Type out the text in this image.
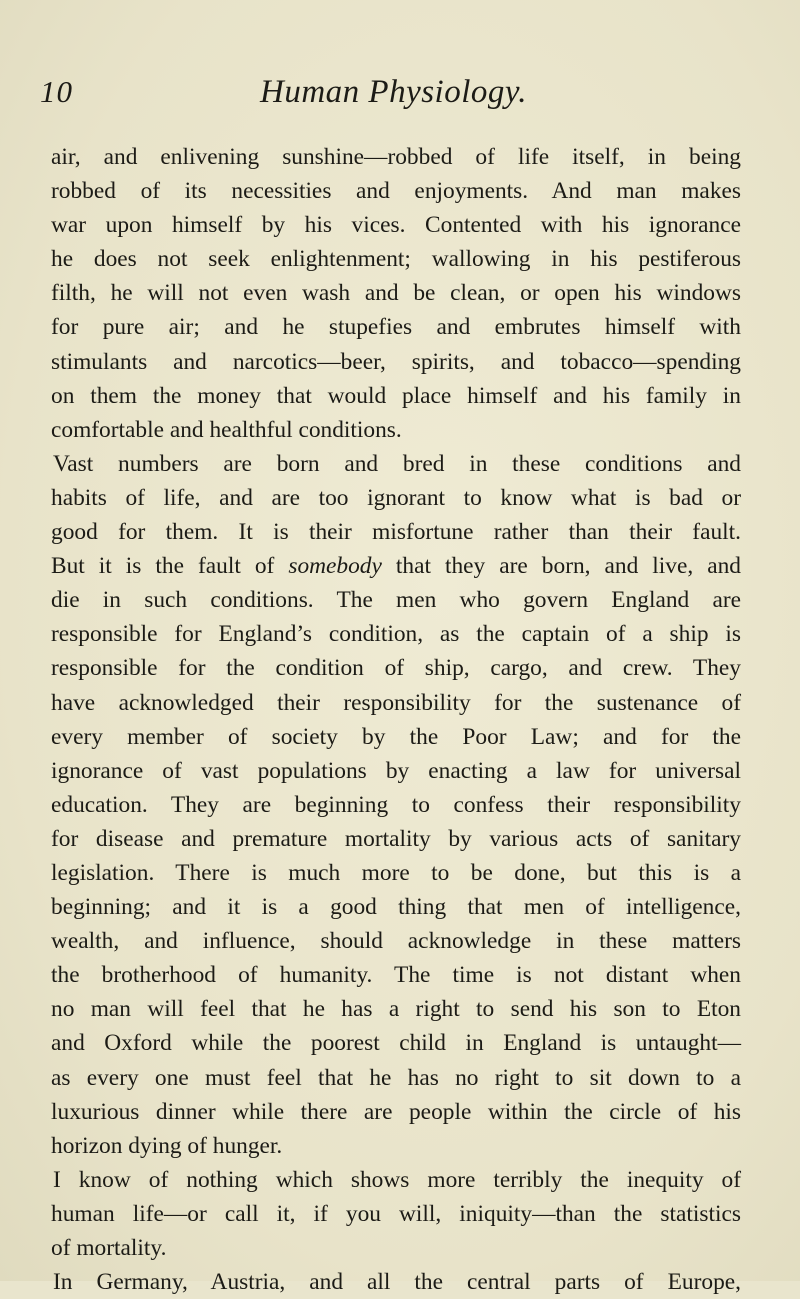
10	Human Physiology.
air, and enlivening sunshine—robbed of life itself, in being
robbed of its necessities and enjoyments. And man makes
war upon himself by his vices. Contented with his ignorance
he does not seek enlightenment; wallowing in his pestiferous
filth, he will not even wash and be clean, or open his windows
for pure air; and he stupefies and embrutes himself with
stimulants and narcotics—beer, spirits, and tobacco—spending
on them the money that would place himself and his family in
comfortable and healthful conditions.
Vast numbers are born and bred in these conditions and
habits of life, and are too ignorant to know what is bad or
good for them. It is their misfortune rather than their fault.
But it is the fault of somebody that they are born, and live, and
die in such conditions. The men who govern England are
responsible for England’s condition, as the captain of a ship is
responsible for the condition of ship, cargo, and crew. They
have acknowledged their responsibility for the sustenance of
every member of society by the Poor Law; and for the
ignorance of vast populations by enacting a law for universal
education. They are beginning to confess their responsibility
for disease and premature mortality by various acts of sanitary
legislation. There is much more to be done, but this is a
beginning; and it is a good thing that men of intelligence,
wealth, and influence, should acknowledge in these matters
the brotherhood of humanity. The time is not distant when
no man will feel that he has a right to send his son to Eton
and Oxford while the poorest child in England is untaught—
as every one must feel that he has no right to sit down to a
luxurious dinner while there are people within the circle of his
horizon dying of hunger.
I know of nothing which shows more terribly the inequity of
human life—or call it, if you will, iniquity—than the statistics
of mortality.
In Germany, Austria, and all the central parts of Europe,
